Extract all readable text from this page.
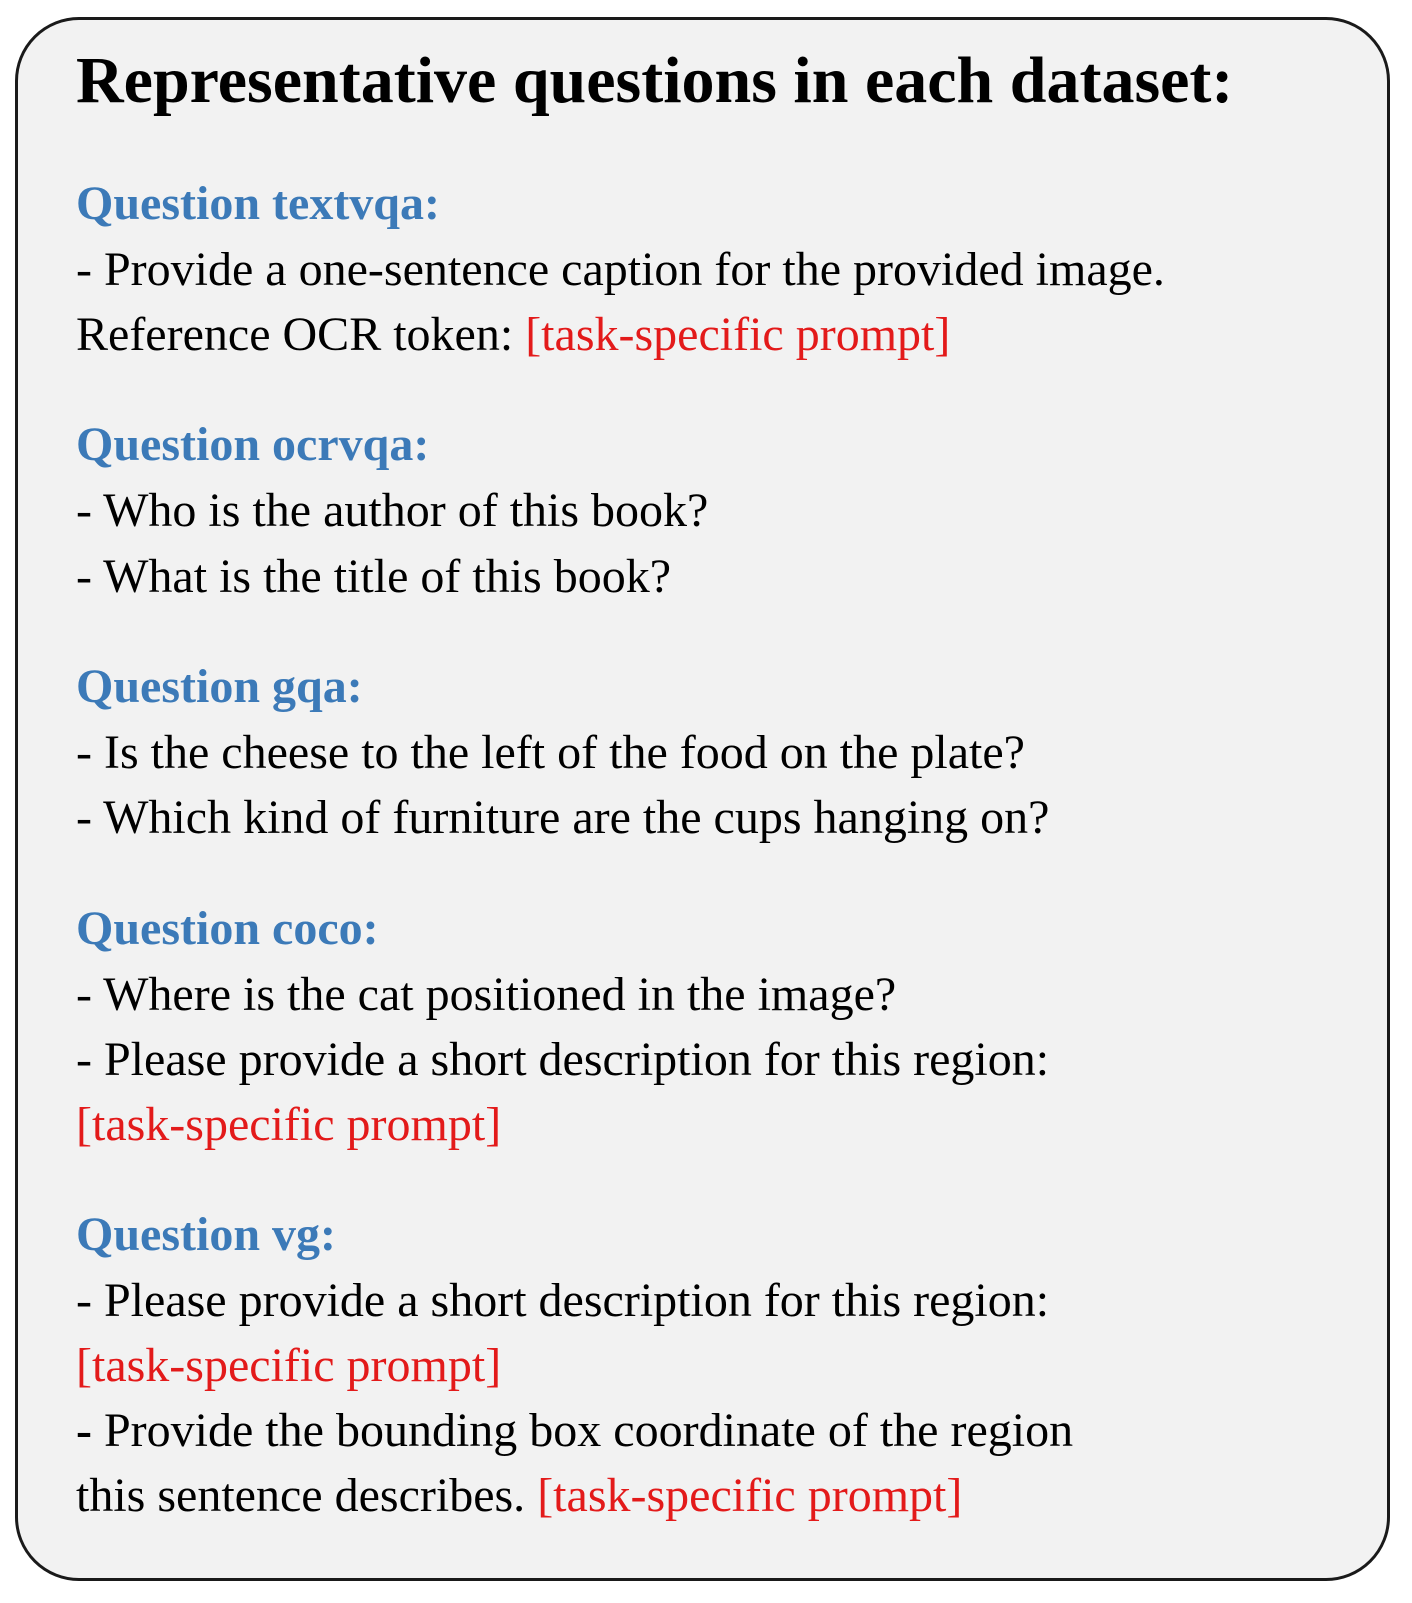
Representative questions in each dataset:
Question textvqa:

- Provide a one-sentence caption for the provided image.

Reference OCR token: [task-specific prompt]

Question ocrvqa:

- Who is the author of this book?

- What is the title of this book?

Question gqa:

- Is the cheese to the left of the food on the plate?

- Which kind of furniture are the cups hanging on?

Question coco:

- Where is the cat positioned in the image?

- Please provide a short description for this region:

[task-specific prompt]

Question vg:

- Please provide a short description for this region:

[task-specific prompt]

- Provide the bounding box coordinate of the region

this sentence describes. [task-specific prompt]
